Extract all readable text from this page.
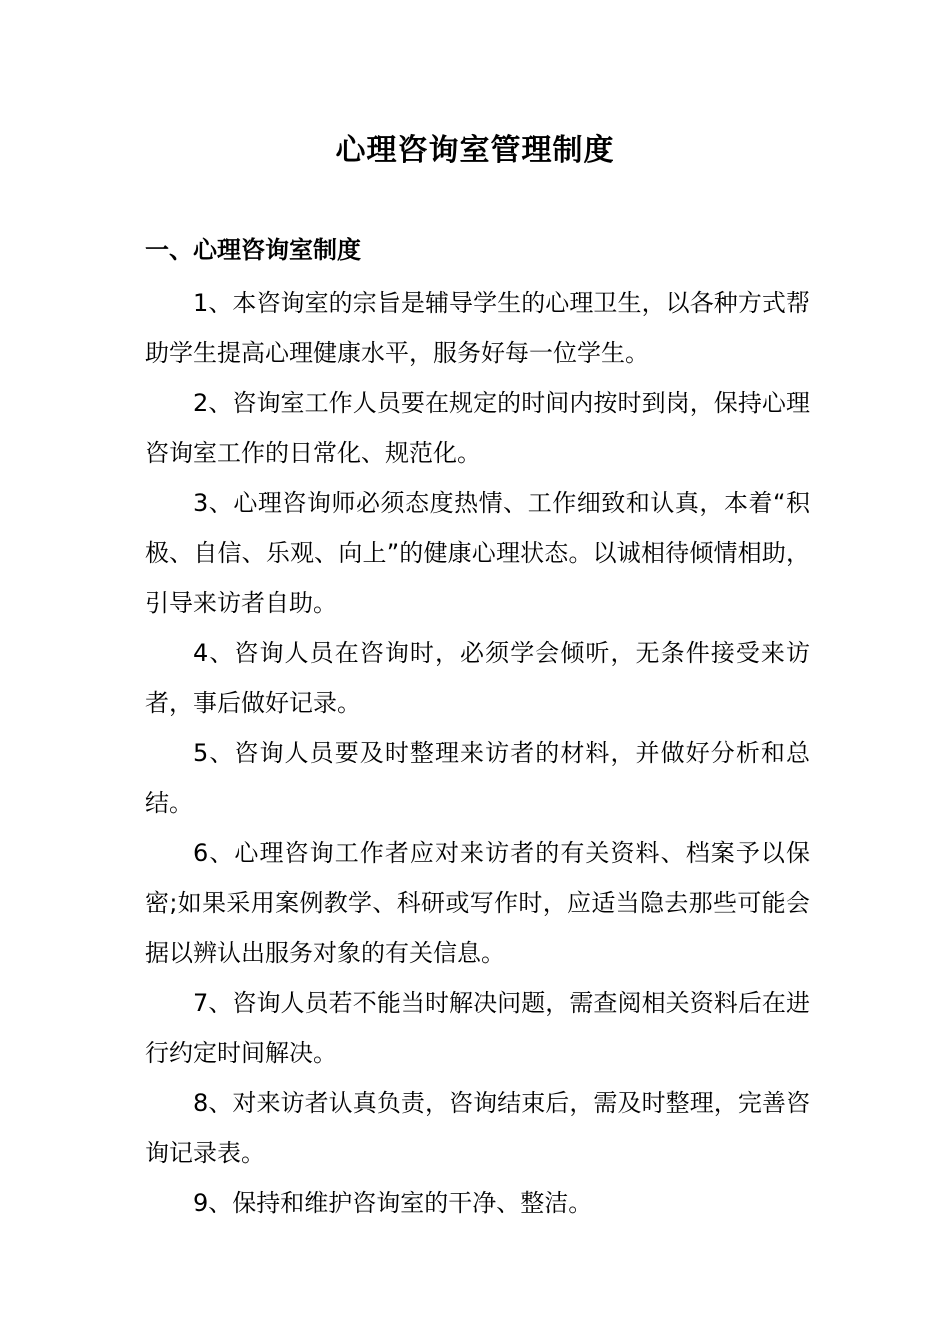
心理咨询室管理制度
一、心理咨询室制度

1、本咨询室的宗旨是辅导学生的心理卫生，以各种方式帮助学生提高心理健康水平，服务好每一位学生。

2、咨询室工作人员要在规定的时间内按时到岗，保持心理咨询室工作的日常化、规范化。

3、心理咨询师必须态度热情、工作细致和认真，本着“积极、自信、乐观、向上”的健康心理状态。以诚相待倾情相助，引导来访者自助。

4、咨询人员在咨询时，必须学会倾听，无条件接受来访者，事后做好记录。

5、咨询人员要及时整理来访者的材料，并做好分析和总结。

6、心理咨询工作者应对来访者的有关资料、档案予以保密;如果采用案例教学、科研或写作时，应适当隐去那些可能会据以辨认出服务对象的有关信息。

7、咨询人员若不能当时解决问题，需查阅相关资料后在进行约定时间解决。

8、对来访者认真负责，咨询结束后，需及时整理，完善咨询记录表。

9、保持和维护咨询室的干净、整洁。
